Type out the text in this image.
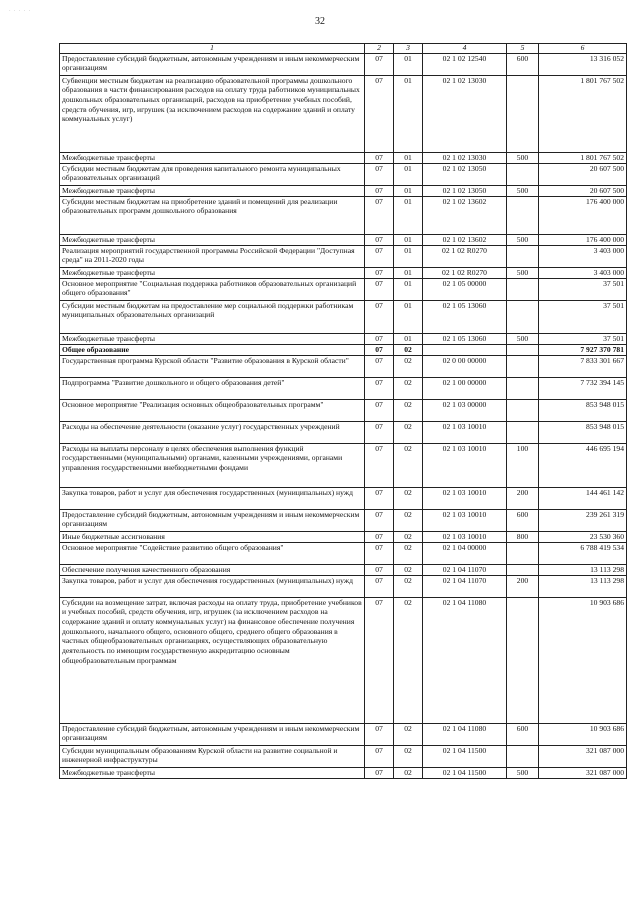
· · · · ·
32
1	2	3	4	5	6
Предоставление субсидий бюджетным, автономным учреждениям и иным некоммерческим организациям	07	01	02 1 02 12540	600	13 316 052
Субвенции местным бюджетам на реализацию образовательной программы дошкольного образования в части финансирования расходов на оплату труда работников муниципальных дошкольных образовательных организаций, расходов на приобретение учебных пособий, средств обучения, игр, игрушек (за исключением расходов на содержание зданий и оплату коммунальных услуг)	07	01	02 1 02 13030		1 801 767 502
Межбюджетные трансферты	07	01	02 1 02 13030	500	1 801 767 502
Субсидии местным бюджетам для проведения капитального ремонта муниципальных образовательных организаций	07	01	02 1 02 13050		20 607 500
Межбюджетные трансферты	07	01	02 1 02 13050	500	20 607 500
Субсидии местным бюджетам на приобретение зданий и помещений для реализации образовательных программ дошкольного образования	07	01	02 1 02 13602		176 400 000
Межбюджетные трансферты	07	01	02 1 02 13602	500	176 400 000
Реализация мероприятий государственной программы Российской Федерации "Доступная среда" на 2011-2020 годы	07	01	02 1 02 R0270		3 403 000
Межбюджетные трансферты	07	01	02 1 02 R0270	500	3 403 000
Основное мероприятие "Социальная поддержка работников образовательных организаций общего образования"	07	01	02 1 05 00000		37 501
Субсидии местным бюджетам на предоставление мер социальной поддержки работникам муниципальных образовательных организаций	07	01	02 1 05 13060		37 501
Межбюджетные трансферты	07	01	02 1 05 13060	500	37 501
Общее образование	07	02			7 927 370 781
Государственная программа Курской области "Развитие образования в Курской области"	07	02	02 0 00 00000		7 833 301 667
Подпрограмма "Развитие дошкольного и общего образования детей"	07	02	02 1 00 00000		7 732 394 145
Основное мероприятие "Реализация основных общеобразовательных программ"	07	02	02 1 03 00000		853 948 015
Расходы на обеспечение деятельности (оказание услуг) государственных учреждений	07	02	02 1 03 10010		853 948 015
Расходы на выплаты персоналу в целях обеспечения выполнения функций государственными (муниципальными) органами, казенными учреждениями, органами управления государственными внебюджетными фондами	07	02	02 1 03 10010	100	446 695 194
Закупка товаров, работ и услуг для обеспечения государственных (муниципальных) нужд	07	02	02 1 03 10010	200	144 461 142
Предоставление субсидий бюджетным, автономным учреждениям и иным некоммерческим организациям	07	02	02 1 03 10010	600	239 261 319
Иные бюджетные ассигнования	07	02	02 1 03 10010	800	23 530 360
Основное мероприятие "Содействие развитию общего образования"	07	02	02 1 04 00000		6 788 419 534
Обеспечение получения качественного образования	07	02	02 1 04 11070		13 113 298
Закупка товаров, работ и услуг для обеспечения государственных (муниципальных) нужд	07	02	02 1 04 11070	200	13 113 298
Субсидии на возмещение затрат, включая расходы на оплату труда, приобретение учебников и учебных пособий, средств обучения, игр, игрушек (за исключением расходов на содержание зданий и оплату коммунальных услуг) на финансовое обеспечение получения дошкольного, начального общего, основного общего, среднего общего образования в частных общеобразовательных организациях, осуществляющих образовательную деятельность по имеющим государственную аккредитацию основным общеобразовательным программам	07	02	02 1 04 11080		10 903 686
Предоставление субсидий бюджетным, автономным учреждениям и иным некоммерческим организациям	07	02	02 1 04 11080	600	10 903 686
Субсидии муниципальным образованиям Курской области на развитие социальной и инженерной инфраструктуры	07	02	02 1 04 11500		321 087 000
Межбюджетные трансферты	07	02	02 1 04 11500	500	321 087 000
